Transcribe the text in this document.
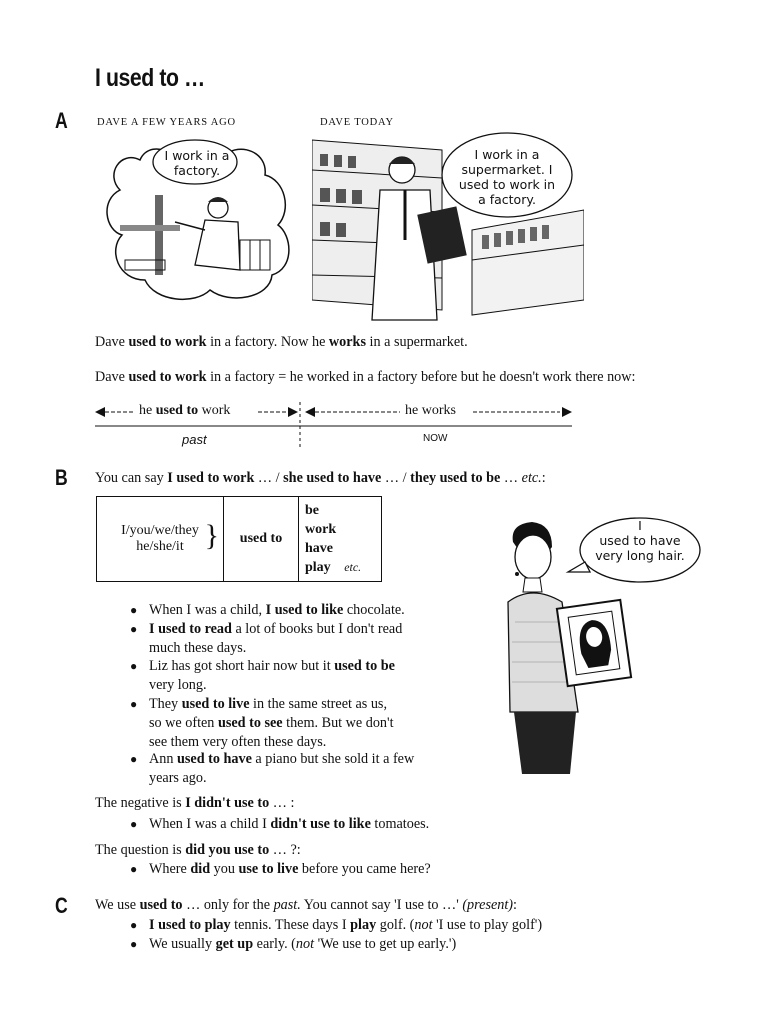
I used to …
A	DAVE A FEW YEARS AGO	DAVE TODAY
I work in a
factory.
I work in a
supermarket. I
used to work in
a factory.
Dave used to work in a factory. Now he works in a supermarket.
Dave used to work in a factory = he worked in a factory before but he doesn't work there now:
he used to work	he works
past	NOW
B You can say I used to work … / she used to have … / they used to be … etc.:
I/you/we/they
he/she/it }	used to	
be
work
have
play etc.
I
used to have
very long hair.
● When I was a child, I used to like chocolate.
● I used to read a lot of books but I don't read
much these days.
● Liz has got short hair now but it used to be
very long.
● They used to live in the same street as us,
so we often used to see them. But we don't
see them very often these days.
● Ann used to have a piano but she sold it a few
years ago.
The negative is I didn't use to … :
● When I was a child I didn't use to like tomatoes.
The question is did you use to … ?:
● Where did you use to live before you came here?
C We use used to … only for the past. You cannot say 'I use to …' (present):
● I used to play tennis. These days I play golf. (not 'I use to play golf')
● We usually get up early. (not 'We use to get up early.')
